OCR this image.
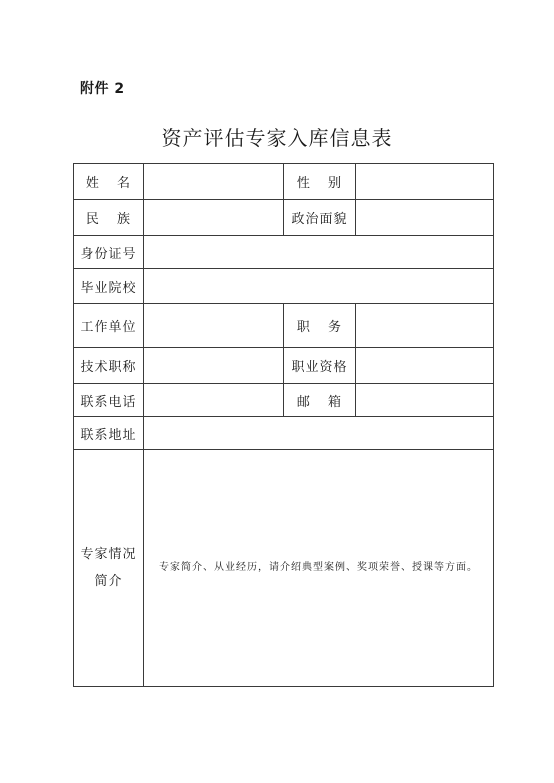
附件 2
资产评估专家入库信息表
姓 名		性 别	
民 族		政治面貌	
身份证号			
毕业院校			
工作单位		职 务	
技术职称		职业资格	
联系电话		邮 箱	
联系地址			

专家情况
简介	专家简介、从业经历，请介绍典型案例、奖项荣誉、授课等方面。		
